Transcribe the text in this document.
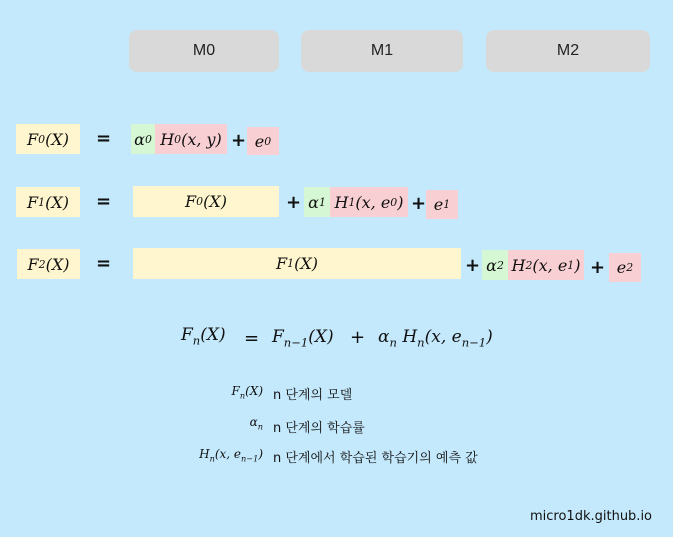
M0	M1	M2
F 0 (X) = α 0 H 0 (x, y) + e 0
F 1 (X) =	F 0 (X)	+ α 1 H 1 (x, e 0 ) + e 1
F 2 (X) =	F 1 (X)	+ α 2 H 2 (x, e 1 ) + e 2
$F_n(X) = F_{n-1}(X) + \alpha_n$ $H_n(x$, $e_{n-1}$)
$F_n(X)$ n 단계의 모델
$\alpha_n$ n 단계의 학습률
$H_n(x$, $e_{n-1}$) n 단계에서 학습된 학습기의 예측 값
micro1dk.github.io
